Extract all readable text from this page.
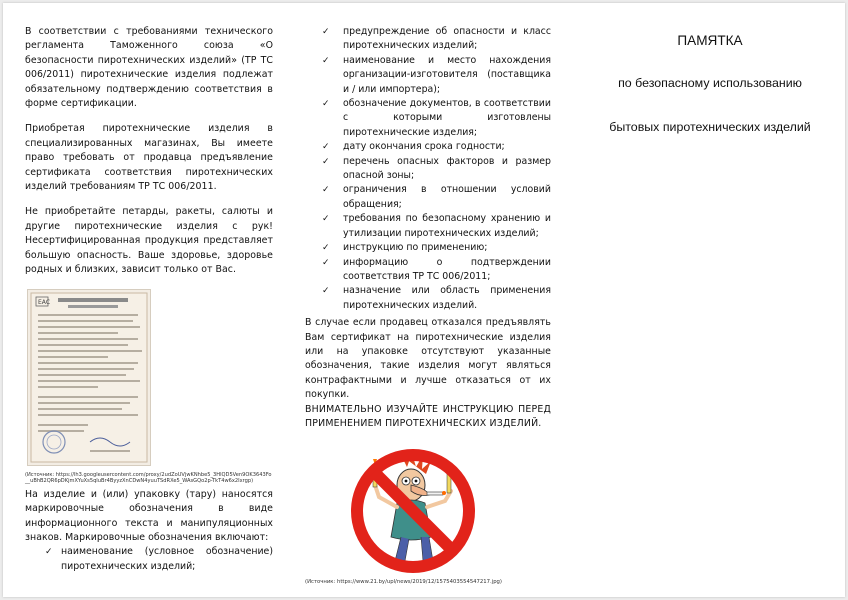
В соответствии с требованиями технического регламента Таможенного союза «О безопасности пиротехнических изделий» (ТР ТС 006/2011) пиротехнические изделия подлежат обязательному подтверждению соответствия в форме сертификации.

Приобретая пиротехнические изделия в специализированных магазинах, Вы имеете право требовать от продавца предъявление сертификата соответствия пиротехнических изделий требованиям ТР ТС 006/2011.

Не приобретайте петарды, ракеты, салюты и другие пиротехнические изделия с рук! Несертифицированная продукция представляет большую опасность. Ваше здоровье, здоровье родных и близких, зависит только от Вас.

ЕАС
(Источник: https://lh3.googleusercontent.com/proxy/2udZoUVjwKNhbe5_3HlQD5Ven9OK3643Fo__uBhB2QR6pDKjmXYuXs5qIuBr4ByyzXnCDwN4yuuTSdRXe5_WAsGQo2p-TkT4w6x2Ixrgp)

На изделие и (или) упаковку (тару) наносятся маркировочные обозначения в виде информационного текста и манипуляционных знаков. Маркировочные обозначения включают:

✓ наименование (условное обозначение) пиротехнических изделий;
✓ предупреждение об опасности и класс пиротехнических изделий;
✓ наименование и место нахождения организации-изготовителя (поставщика и / или импортера);
✓ обозначение документов, в соответствии с которыми изготовлены пиротехнические изделия;
✓ дату окончания срока годности;
✓ перечень опасных факторов и размер опасной зоны;
✓ ограничения в отношении условий обращения;
✓ требования по безопасному хранению и утилизации пиротехнических изделий;
✓ инструкцию по применению;
✓ информацию о подтверждении соответствия ТР ТС 006/2011;
✓ назначение или область применения пиротехнических изделий.

В случае если продавец отказался предъявлять Вам сертификат на пиротехнические изделия или на упаковке отсутствуют указанные обозначения, такие изделия могут являться контрафактными и лучше отказаться от их покупки.

ВНИМАТЕЛЬНО ИЗУЧАЙТЕ ИНСТРУКЦИЮ ПЕРЕД ПРИМЕНЕНИЕМ ПИРОТЕХНИЧЕСКИХ ИЗДЕЛИЙ.

(Источник: https://www.21.by/upl/news/2019/12/1575403554547217.jpg)

ПАМЯТКА

по безопасному использованию

бытовых пиротехнических изделий
